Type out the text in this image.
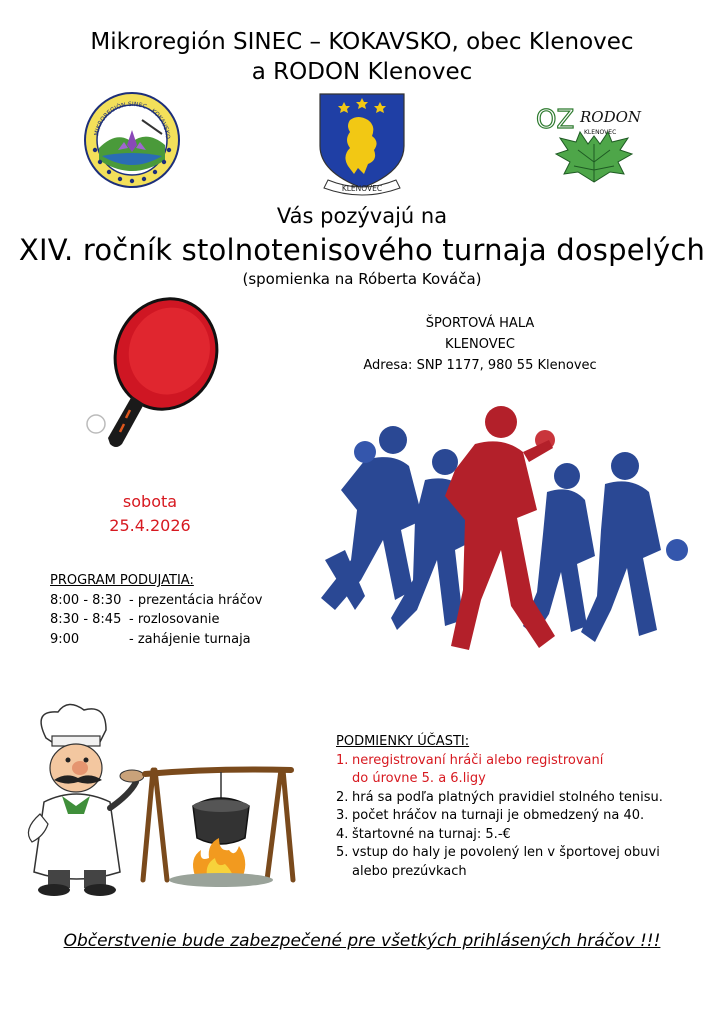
Mikroregión SINEC – KOKAVSKO, obec Klenovec
a RODON Klenovec
MIKROREGIÓN SINEC - KOKAVSKO
KLENOVEC
OZ RODON
KLENOVEC
Vás pozývajú na
XIV. ročník stolnotenisového turnaja dospelých
(spomienka na Róberta Kováča)
ŠPORTOVÁ HALA
KLENOVEC
Adresa: SNP 1177, 980 55 Klenovec
sobota
25.4.2026
PROGRAM PODUJATIA:
8:00 - 8:30 - prezentácia hráčov
8:30 - 8:45 - rozlosovanie
9:00	- zahájenie turnaja
PODMIENKY ÚČASTI:
1. neregistrovaní hráči alebo registrovaní
do úrovne 5. a 6.ligy
2. hrá sa podľa platných pravidiel stolného tenisu.
3. počet hráčov na turnaji je obmedzený na 40.
4. štartovné na turnaj: 5.-€
5. vstup do haly je povolený len v športovej obuvi
alebo prezúvkach
Občerstvenie bude zabezpečené pre všetkých prihlásených hráčov !!!
